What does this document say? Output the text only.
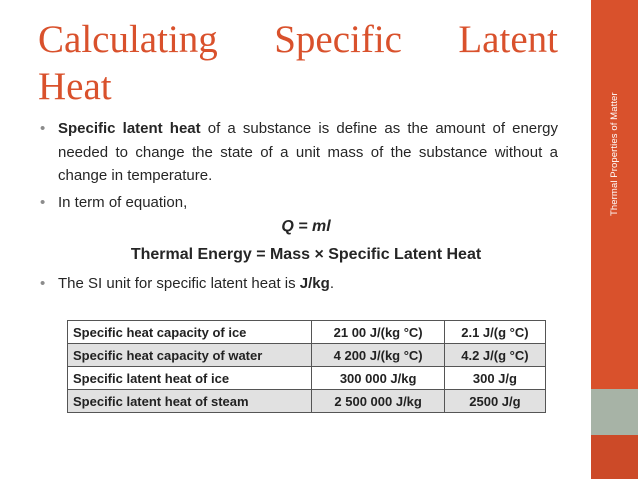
Thermal Properties of Matter
Calculating Specific Latent
Heat
• Specific latent heat of a substance is define as the amount of energy needed to change the state of a unit mass of the substance without a change in temperature.
• In term of equation,
Q = ml
Thermal Energy = Mass × Specific Latent Heat
• The SI unit for specific latent heat is J/kg.
Specific heat capacity of ice	21 00 J/(kg °C)	2.1 J/(g °C)
Specific heat capacity of water	4 200 J/(kg °C)	4.2 J/(g °C)
Specific latent heat of ice	300 000 J/kg	300 J/g
Specific latent heat of steam	2 500 000 J/kg	2500 J/g
